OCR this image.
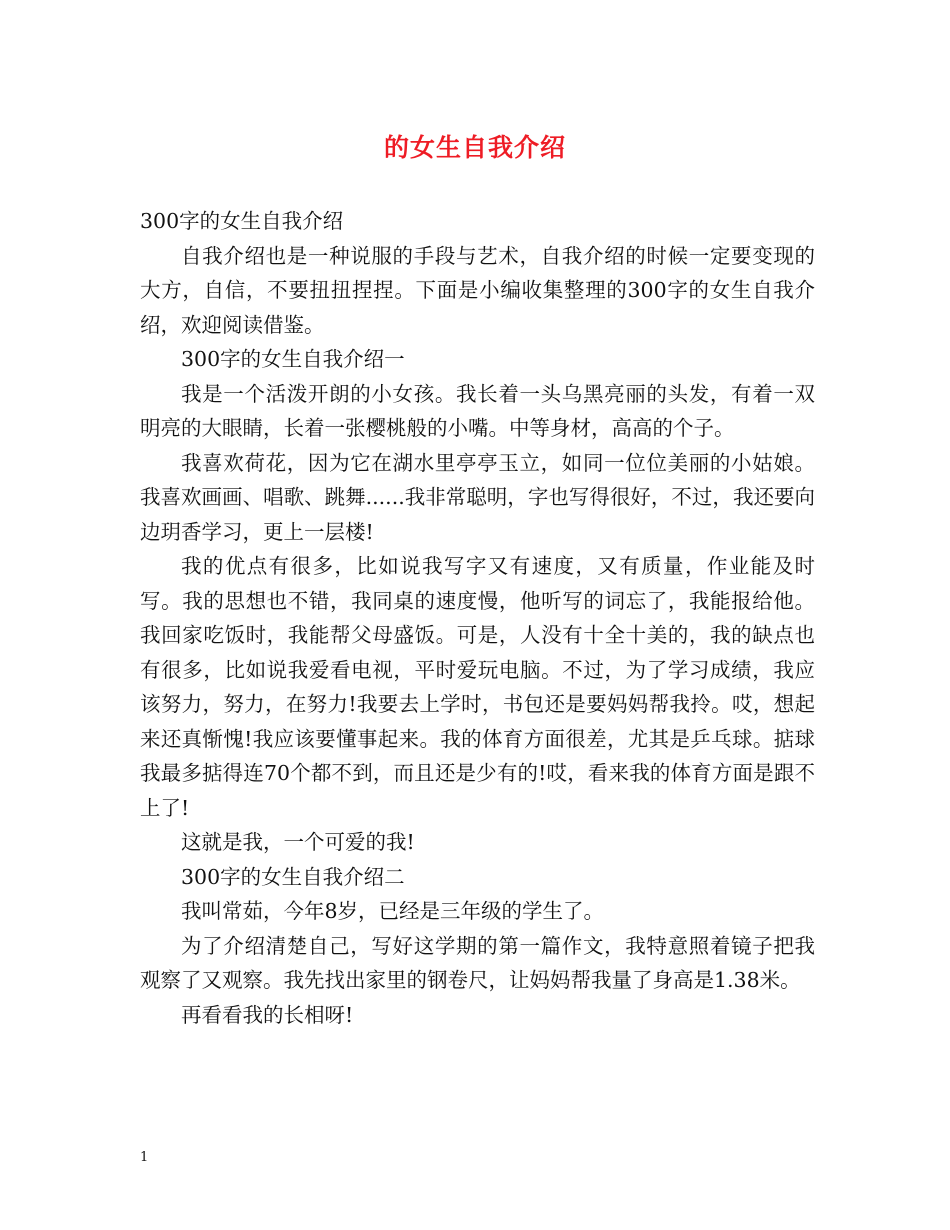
的女生自我介绍

300字的女生自我介绍

自我介绍也是一种说服的手段与艺术，自我介绍的时候一定要变现的大方，自信，不要扭扭捏捏。下面是小编收集整理的300字的女生自我介绍，欢迎阅读借鉴。

300字的女生自我介绍一

我是一个活泼开朗的小女孩。我长着一头乌黑亮丽的头发，有着一双明亮的大眼睛，长着一张樱桃般的小嘴。中等身材，高高的个子。

我喜欢荷花，因为它在湖水里亭亭玉立，如同一位位美丽的小姑娘。我喜欢画画、唱歌、跳舞......我非常聪明，字也写得很好，不过，我还要向边玥香学习，更上一层楼!

我的优点有很多，比如说我写字又有速度，又有质量，作业能及时写。我的思想也不错，我同桌的速度慢，他听写的词忘了，我能报给他。我回家吃饭时，我能帮父母盛饭。可是，人没有十全十美的，我的缺点也有很多，比如说我爱看电视，平时爱玩电脑。不过，为了学习成绩，我应该努力，努力，在努力!我要去上学时，书包还是要妈妈帮我拎。哎，想起来还真惭愧!我应该要懂事起来。我的体育方面很差，尤其是乒乓球。掂球我最多掂得连70个都不到，而且还是少有的!哎，看来我的体育方面是跟不上了!

这就是我，一个可爱的我!

300字的女生自我介绍二

我叫常茹，今年8岁，已经是三年级的学生了。

为了介绍清楚自己，写好这学期的第一篇作文，我特意照着镜子把我观察了又观察。我先找出家里的钢卷尺，让妈妈帮我量了身高是1.38米。

再看看我的长相呀!

1
